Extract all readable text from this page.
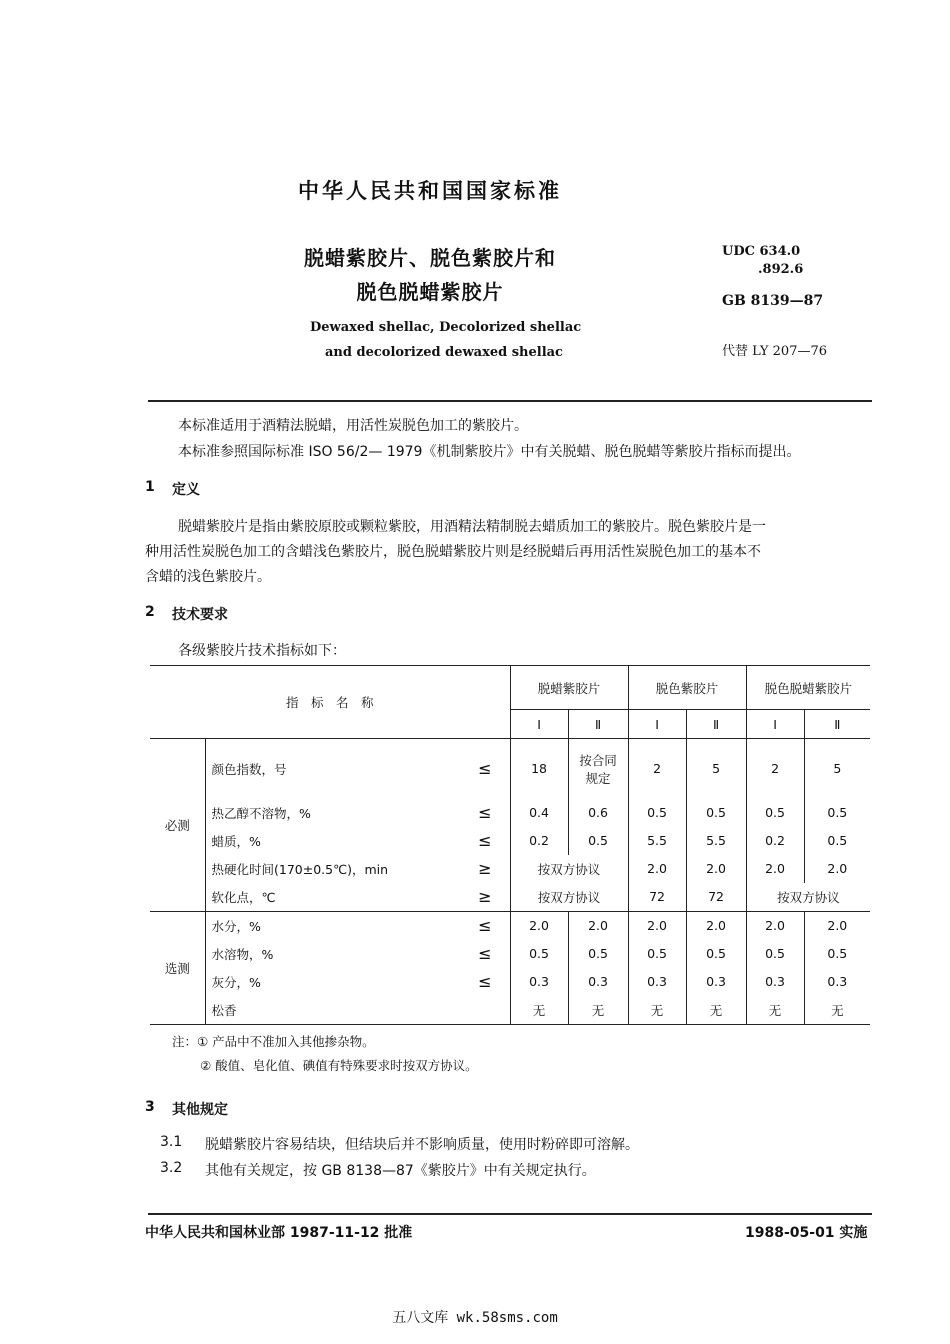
中华人民共和国国家标准
脱蜡紫胶片、脱色紫胶片和
脱色脱蜡紫胶片
Dewaxed shellac, Decolorized shellac
and decolorized dewaxed shellac
UDC 634.0
.892.6
GB 8139—87
代替 LY 207—76
本标准适用于酒精法脱蜡，用活性炭脱色加工的紫胶片。
本标准参照国际标准 ISO 56/2— 1979《机制紫胶片》中有关脱蜡、脱色脱蜡等紫胶片指标而提出。
1 定义
脱蜡紫胶片是指由紫胶原胶或颗粒紫胶，用酒精法精制脱去蜡质加工的紫胶片。脱色紫胶片是一
种用活性炭脱色加工的含蜡浅色紫胶片，脱色脱蜡紫胶片则是经脱蜡后再用活性炭脱色加工的基本不
含蜡的浅色紫胶片。
2 技术要求
各级紫胶片技术指标如下：
指　标　名　称			脱蜡紫胶片		脱色紫胶片		脱色脱蜡紫胶片	
			Ⅰ	Ⅱ	Ⅰ	Ⅱ	Ⅰ	Ⅱ
必测	颜色指数，号	≤	18	按合同
规定	2	5	2	5
	热乙醇不溶物，%	≤	0.4	0.6	0.5	0.5	0.5	0.5
	蜡质，%	≤	0.2	0.5	5.5	5.5	0.2	0.5
	热硬化时间(170±0.5℃)，min	≥	按双方协议		2.0	2.0	2.0	2.0
	软化点，℃	≥	按双方协议		72	72	按双方协议	
选测	水分，%	≤	2.0	2.0	2.0	2.0	2.0	2.0
	水溶物，%	≤	0.5	0.5	0.5	0.5	0.5	0.5
	灰分，%	≤	0.3	0.3	0.3	0.3	0.3	0.3
	松香		无	无	无	无	无	无
注：① 产品中不准加入其他掺杂物。
② 酸值、皂化值、碘值有特殊要求时按双方协议。
3 其他规定
3.1 脱蜡紫胶片容易结块，但结块后并不影响质量，使用时粉碎即可溶解。
3.2 其他有关规定，按 GB 8138—87《紫胶片》中有关规定执行。
中华人民共和国林业部 1987-11-12 批准	1988-05-01 实施
五八文库 wk.58sms.com
